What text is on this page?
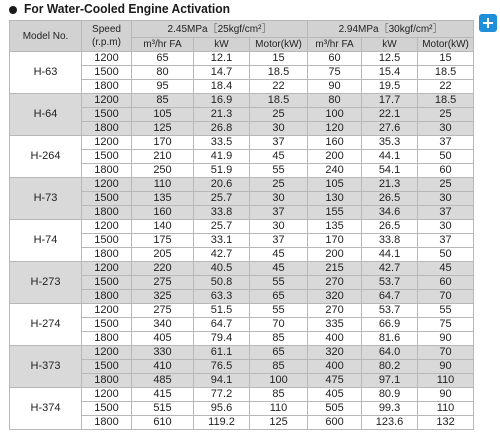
For Water-Cooled Engine Activation
Model No.	Speed
(r.p.m)	2.45MPa［25kgf/cm²］			2.94MPa［30kgf/cm²］		
		m³/hr FA	kW	Motor(kW)	m³/hr FA	kW	Motor(kW)
H-63	1200	65	12.1	15	60	12.5	15
	1500	80	14.7	18.5	75	15.4	18.5
	1800	95	18.4	22	90	19.5	22
H-64	1200	85	16.9	18.5	80	17.7	18.5
	1500	105	21.3	25	100	22.1	25
	1800	125	26.8	30	120	27.6	30
H-264	1200	170	33.5	37	160	35.3	37
	1500	210	41.9	45	200	44.1	50
	1800	250	51.9	55	240	54.1	60
H-73	1200	110	20.6	25	105	21.3	25
	1500	135	25.7	30	130	26.5	30
	1800	160	33.8	37	155	34.6	37
H-74	1200	140	25.7	30	135	26.5	30
	1500	175	33.1	37	170	33.8	37
	1800	205	42.7	45	200	44.1	50
H-273	1200	220	40.5	45	215	42.7	45
	1500	275	50.8	55	270	53.7	60
	1800	325	63.3	65	320	64.7	70
H-274	1200	275	51.5	55	270	53.7	55
	1500	340	64.7	70	335	66.9	75
	1800	405	79.4	85	400	81.6	90
H-373	1200	330	61.1	65	320	64.0	70
	1500	410	76.5	85	400	80.2	90
	1800	485	94.1	100	475	97.1	110
H-374	1200	415	77.2	85	405	80.9	90
	1500	515	95.6	110	505	99.3	110
	1800	610	119.2	125	600	123.6	132
